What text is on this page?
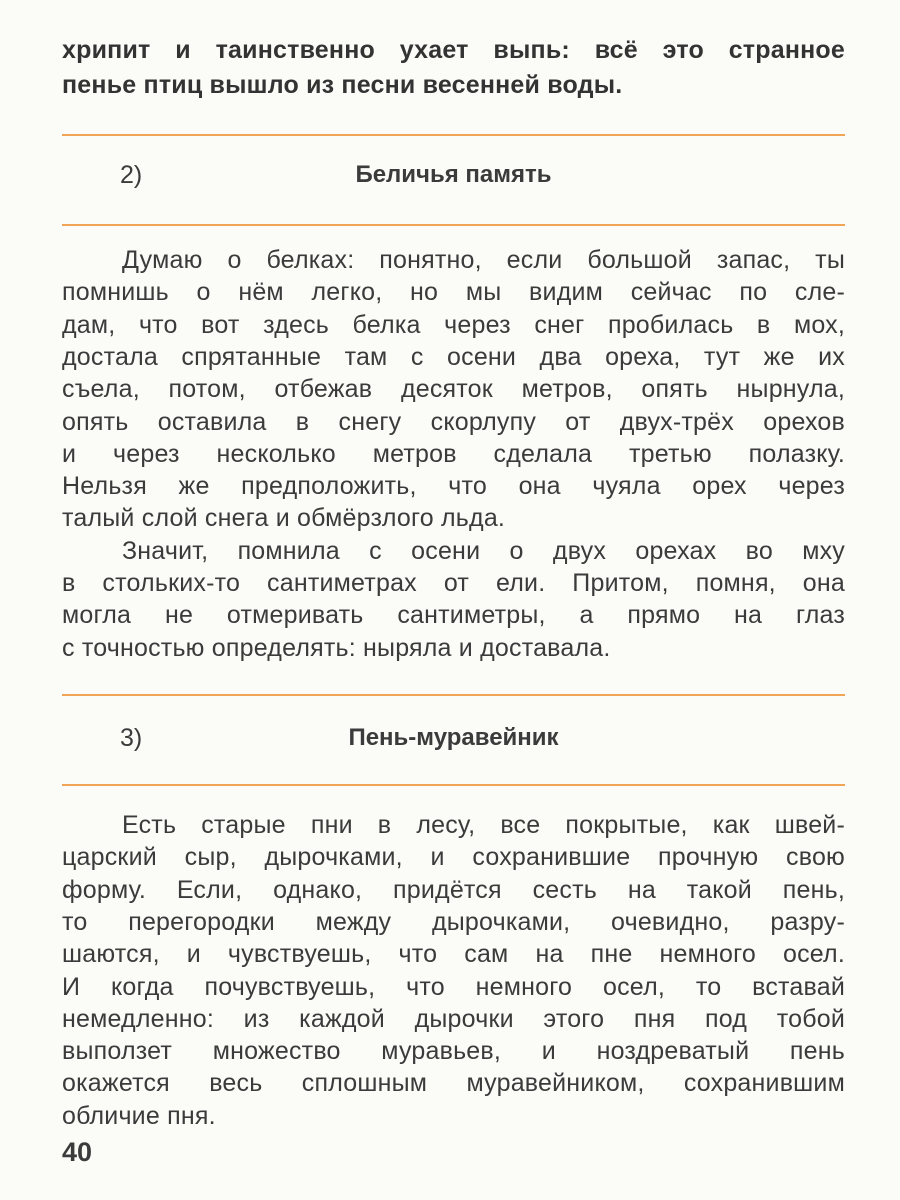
2)	Беличья память
3)	Пень-муравейник
40
хрипит и таинственно ухает выпь: всё это странное
пенье птиц вышло из песни весенней воды.
Думаю о белках: понятно, если большой запас, ты
помнишь о нём легко, но мы видим сейчас по сле-
дам, что вот здесь белка через снег пробилась в мох,
достала спрятанные там с осени два ореха, тут же их
съела, потом, отбежав десяток метров, опять нырнула,
опять оставила в снегу скорлупу от двух-трёх орехов
и через несколько метров сделала третью полазку.
Нельзя же предположить, что она чуяла орех через
талый слой снега и обмёрзлого льда.
Значит, помнила с осени о двух орехах во мху
в стольких-то сантиметрах от ели. Притом, помня, она
могла не отмеривать сантиметры, а прямо на глаз
с точностью определять: ныряла и доставала.
Есть старые пни в лесу, все покрытые, как швей-
царский сыр, дырочками, и сохранившие прочную свою
форму. Если, однако, придётся сесть на такой пень,
то перегородки между дырочками, очевидно, разру-
шаются, и чувствуешь, что сам на пне немного осел.
И когда почувствуешь, что немного осел, то вставай
немедленно: из каждой дырочки этого пня под тобой
выползет множество муравьев, и ноздреватый пень
окажется весь сплошным муравейником, сохранившим
обличие пня.
